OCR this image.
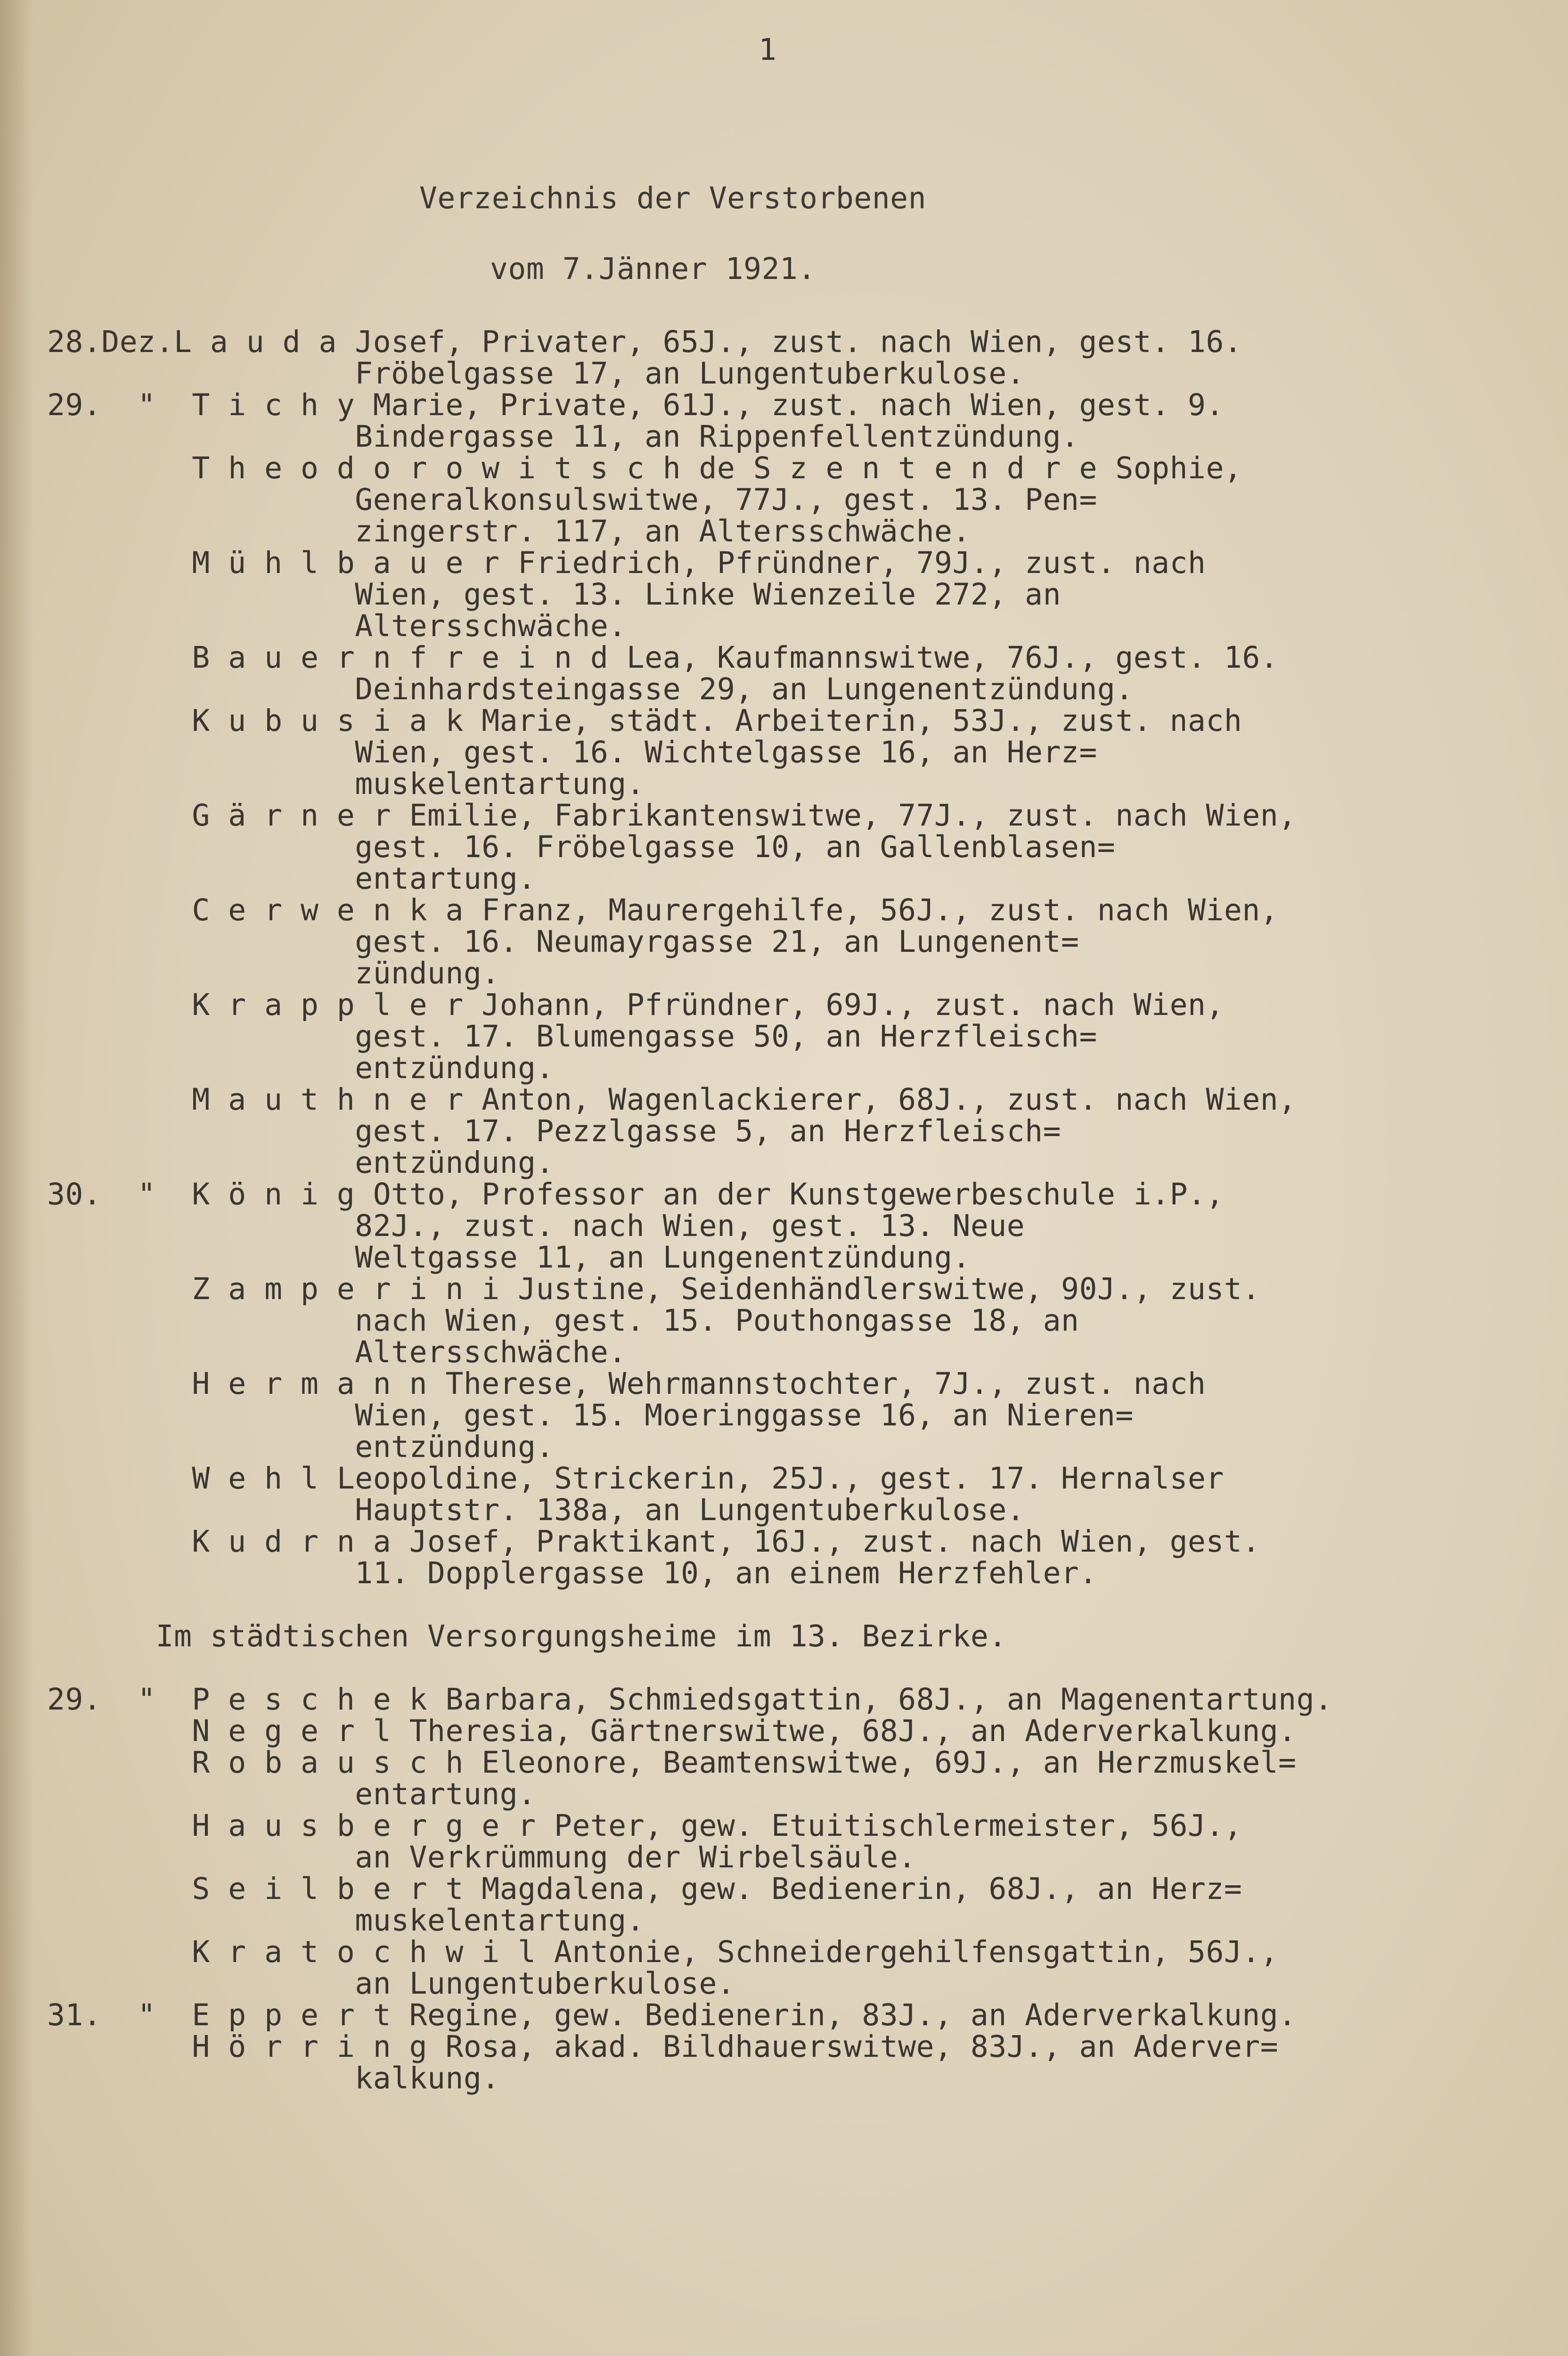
1

Verzeichnis der Verstorbenen

vom 7.Jänner 1921.

28.Dez.L a u d a Josef, Privater, 65J., zust. nach Wien, gest. 16.

Fröbelgasse 17, an Lungentuberkulose.

29.  "  T i c h y Marie, Private, 61J., zust. nach Wien, gest. 9.

Bindergasse 11, an Rippenfellentzündung.

T h e o d o r o w i t s c h de S z e n t e n d r e Sophie,

Generalkonsulswitwe, 77J., gest. 13. Pen=

zingerstr. 117, an Altersschwäche.

M ü h l b a u e r Friedrich, Pfründner, 79J., zust. nach

Wien, gest. 13. Linke Wienzeile 272, an

Altersschwäche.

B a u e r n f r e i n d Lea, Kaufmannswitwe, 76J., gest. 16.

Deinhardsteingasse 29, an Lungenentzündung.

K u b u s i a k Marie, städt. Arbeiterin, 53J., zust. nach

Wien, gest. 16. Wichtelgasse 16, an Herz=

muskelentartung.

G ä r n e r Emilie, Fabrikantenswitwe, 77J., zust. nach Wien,

gest. 16. Fröbelgasse 10, an Gallenblasen=

entartung.

C e r w e n k a Franz, Maurergehilfe, 56J., zust. nach Wien,

gest. 16. Neumayrgasse 21, an Lungenent=

zündung.

K r a p p l e r Johann, Pfründner, 69J., zust. nach Wien,

gest. 17. Blumengasse 50, an Herzfleisch=

entzündung.

M a u t h n e r Anton, Wagenlackierer, 68J., zust. nach Wien,

gest. 17. Pezzlgasse 5, an Herzfleisch=

entzündung.

30.  "  K ö n i g Otto, Professor an der Kunstgewerbeschule i.P.,

82J., zust. nach Wien, gest. 13. Neue

Weltgasse 11, an Lungenentzündung.

Z a m p e r i n i Justine, Seidenhändlerswitwe, 90J., zust.

nach Wien, gest. 15. Pouthongasse 18, an

Altersschwäche.

H e r m a n n Therese, Wehrmannstochter, 7J., zust. nach

Wien, gest. 15. Moeringgasse 16, an Nieren=

entzündung.

W e h l Leopoldine, Strickerin, 25J., gest. 17. Hernalser

Hauptstr. 138a, an Lungentuberkulose.

K u d r n a Josef, Praktikant, 16J., zust. nach Wien, gest.

11. Dopplergasse 10, an einem Herzfehler.

Im städtischen Versorgungsheime im 13. Bezirke.

29.  "  P e s c h e k Barbara, Schmiedsgattin, 68J., an Magenentartung.

N e g e r l Theresia, Gärtnerswitwe, 68J., an Aderverkalkung.

R o b a u s c h Eleonore, Beamtenswitwe, 69J., an Herzmuskel=

entartung.

H a u s b e r g e r Peter, gew. Etuitischlermeister, 56J.,

an Verkrümmung der Wirbelsäule.

S e i l b e r t Magdalena, gew. Bedienerin, 68J., an Herz=

muskelentartung.

K r a t o c h w i l Antonie, Schneidergehilfensgattin, 56J.,

an Lungentuberkulose.

31.  "  E p p e r t Regine, gew. Bedienerin, 83J., an Aderverkalkung.

H ö r r i n g Rosa, akad. Bildhauerswitwe, 83J., an Aderver=

kalkung.
